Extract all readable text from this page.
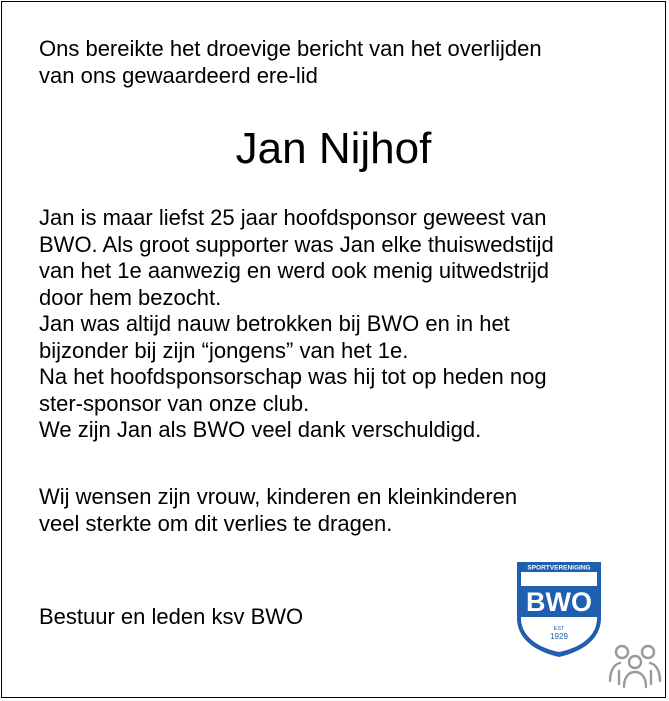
Ons bereikte het droevige bericht van het overlijden
van ons gewaardeerd ere-lid
Jan Nijhof
Jan is maar liefst 25 jaar hoofdsponsor geweest van
BWO. Als groot supporter was Jan elke thuiswedstijd
van het 1e aanwezig en werd ook menig uitwedstrijd
door hem bezocht.
Jan was altijd nauw betrokken bij BWO en in het
bijzonder bij zijn “jongens” van het 1e.
Na het hoofdsponsorschap was hij tot op heden nog
ster-sponsor van onze club.
We zijn Jan als BWO veel dank verschuldigd.
Wij wensen zijn vrouw, kinderen en kleinkinderen
veel sterkte om dit verlies te dragen.
Bestuur en leden ksv BWO
SPORTVERENIGING
BWO
EST
1929
